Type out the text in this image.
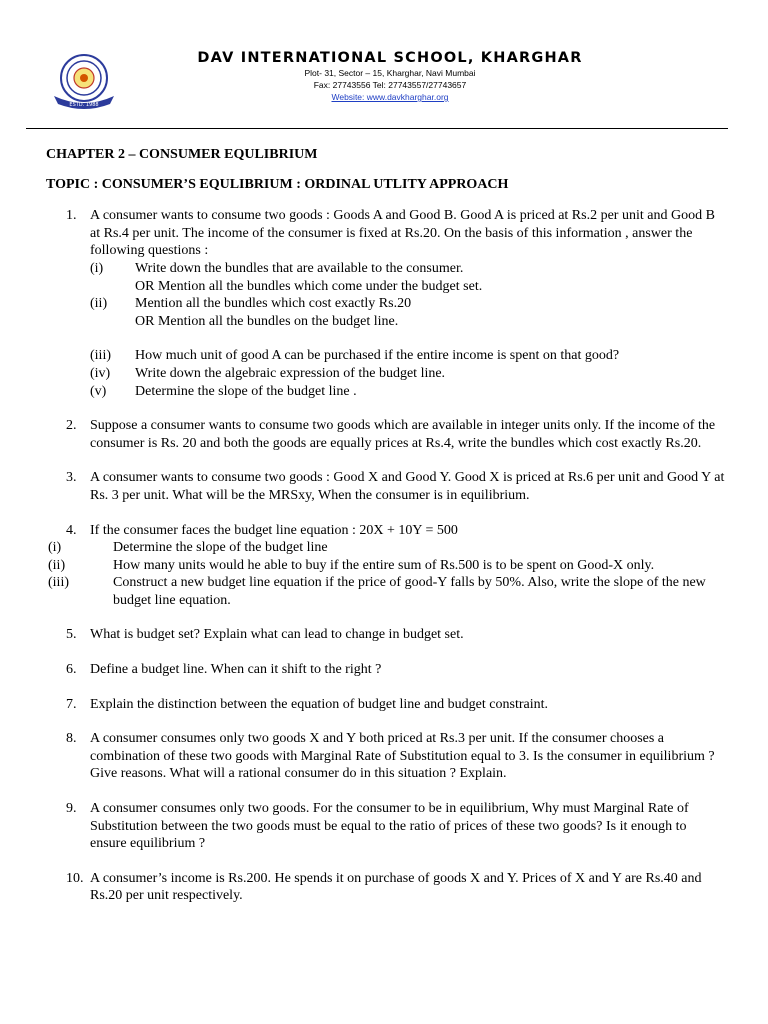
ESTD. 1988
DAV INTERNATIONAL SCHOOL, KHARGHAR
Plot- 31, Sector – 15, Kharghar, Navi Mumbai
Fax: 27743556 Tel: 27743557/27743657
Website: www.davkharghar.org

CHAPTER 2 – CONSUMER EQULIBRIUM

TOPIC : CONSUMER’S EQULIBRIUM : ORDINAL UTLITY APPROACH

1. A consumer wants to consume two goods : Goods A and Good B. Good A is priced at Rs.2 per unit and Good B at Rs.4 per unit. The income of the consumer is fixed at Rs.20. On the basis of this information , answer the following questions :
(i) Write down the bundles that are available to the consumer.
OR Mention all the bundles which come under the budget set.
(ii) Mention all the bundles which cost exactly Rs.20
OR Mention all the bundles on the budget line.
(iii) How much unit of good A can be purchased if the entire income is spent on that good?
(iv) Write down the algebraic expression of the budget line.
(v) Determine the slope of the budget line .
2. Suppose a consumer wants to consume two goods which are available in integer units only. If the income of the consumer is Rs. 20 and both the goods are equally prices at Rs.4, write the bundles which cost exactly Rs.20.
3. A consumer wants to consume two goods : Good X and Good Y. Good X is priced at Rs.6 per unit and Good Y at Rs. 3 per unit. What will be the MRSxy, When the consumer is in equilibrium.
4. If the consumer faces the budget line equation : 20X + 10Y = 500
(i)	Determine the slope of the budget line
(ii)	How many units would he able to buy if the entire sum of Rs.500 is to be spent on Good-X only.
(iii)	Construct a new budget line equation if the price of good-Y falls by 50%. Also, write the slope of the new budget line equation.
5. What is budget set? Explain what can lead to change in budget set.
6. Define a budget line. When can it shift to the right ?
7. Explain the distinction between the equation of budget line and budget constraint.
8. A consumer consumes only two goods X and Y both priced at Rs.3 per unit. If the consumer chooses a combination of these two goods with Marginal Rate of Substitution equal to 3. Is the consumer in equilibrium ? Give reasons. What will a rational consumer do in this situation ? Explain.
9. A consumer consumes only two goods. For the consumer to be in equilibrium, Why must Marginal Rate of Substitution between the two goods must be equal to the ratio of prices of these two goods? Is it enough to ensure equilibrium ?
10. A consumer’s income is Rs.200. He spends it on purchase of goods X and Y. Prices of X and Y are Rs.40 and Rs.20 per unit respectively.
